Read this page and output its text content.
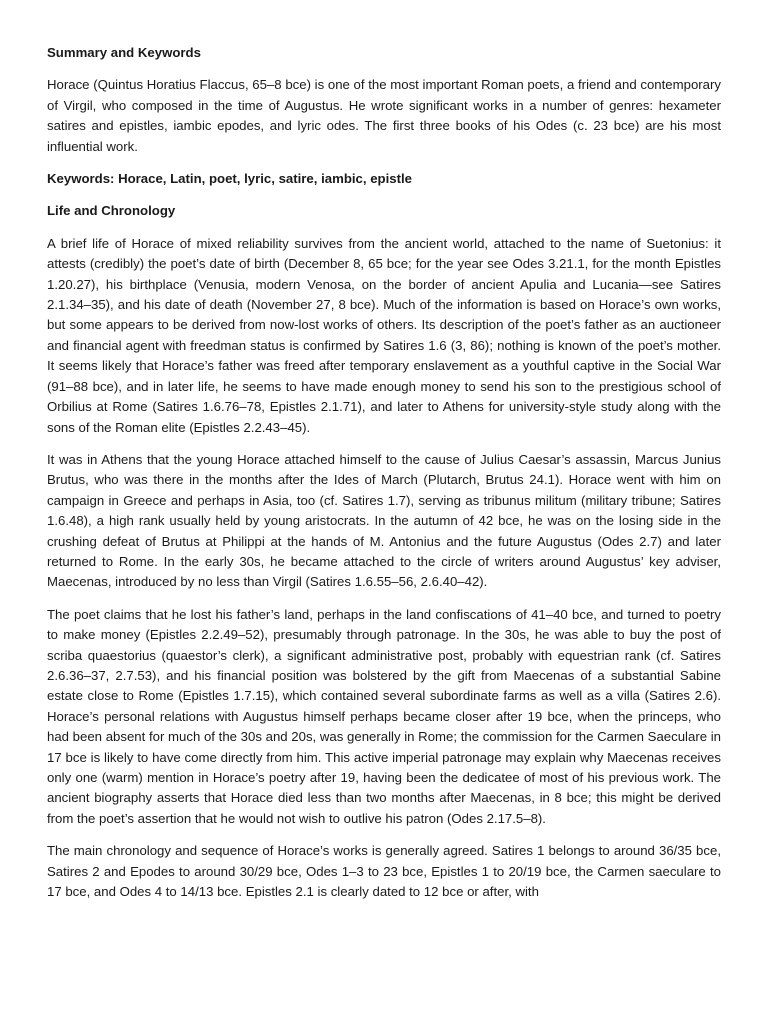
Summary and Keywords

Horace (Quintus Horatius Flaccus, 65–8 bce) is one of the most important Roman poets, a friend and contemporary of Virgil, who composed in the time of Augustus. He wrote significant works in a number of genres: hexameter satires and epistles, iambic epodes, and lyric odes. The first three books of his Odes (c. 23 bce) are his most influential work.

Keywords: Horace, Latin, poet, lyric, satire, iambic, epistle

Life and Chronology

A brief life of Horace of mixed reliability survives from the ancient world, attached to the name of Suetonius: it attests (credibly) the poet’s date of birth (December 8, 65 bce; for the year see Odes 3.21.1, for the month Epistles 1.20.27), his birthplace (Venusia, modern Venosa, on the border of ancient Apulia and Lucania—see Satires 2.1.34–35), and his date of death (November 27, 8 bce). Much of the information is based on Horace’s own works, but some appears to be derived from now-lost works of others. Its description of the poet’s father as an auctioneer and financial agent with freedman status is confirmed by Satires 1.6 (3, 86); nothing is known of the poet’s mother. It seems likely that Horace’s father was freed after temporary enslavement as a youthful captive in the Social War (91–88 bce), and in later life, he seems to have made enough money to send his son to the prestigious school of Orbilius at Rome (Satires 1.6.76–78, Epistles 2.1.71), and later to Athens for university-style study along with the sons of the Roman elite (Epistles 2.2.43–45).

It was in Athens that the young Horace attached himself to the cause of Julius Caesar’s assassin, Marcus Junius Brutus, who was there in the months after the Ides of March (Plutarch, Brutus 24.1). Horace went with him on campaign in Greece and perhaps in Asia, too (cf. Satires 1.7), serving as tribunus militum (military tribune; Satires 1.6.48), a high rank usually held by young aristocrats. In the autumn of 42 bce, he was on the losing side in the crushing defeat of Brutus at Philippi at the hands of M. Antonius and the future Augustus (Odes 2.7) and later returned to Rome. In the early 30s, he became attached to the circle of writers around Augustus’ key adviser, Maecenas, introduced by no less than Virgil (Satires 1.6.55–56, 2.6.40–42).

The poet claims that he lost his father’s land, perhaps in the land confiscations of 41–40 bce, and turned to poetry to make money (Epistles 2.2.49–52), presumably through patronage. In the 30s, he was able to buy the post of scriba quaestorius (quaestor’s clerk), a significant administrative post, probably with equestrian rank (cf. Satires 2.6.36–37, 2.7.53), and his financial position was bolstered by the gift from Maecenas of a substantial Sabine estate close to Rome (Epistles 1.7.15), which contained several subordinate farms as well as a villa (Satires 2.6). Horace’s personal relations with Augustus himself perhaps became closer after 19 bce, when the princeps, who had been absent for much of the 30s and 20s, was generally in Rome; the commission for the Carmen Saeculare in 17 bce is likely to have come directly from him. This active imperial patronage may explain why Maecenas receives only one (warm) mention in Horace’s poetry after 19, having been the dedicatee of most of his previous work. The ancient biography asserts that Horace died less than two months after Maecenas, in 8 bce; this might be derived from the poet’s assertion that he would not wish to outlive his patron (Odes 2.17.5–8).

The main chronology and sequence of Horace’s works is generally agreed. Satires 1 belongs to around 36/35 bce, Satires 2 and Epodes to around 30/29 bce, Odes 1–3 to 23 bce, Epistles 1 to 20/19 bce, the Carmen saeculare to 17 bce, and Odes 4 to 14/13 bce. Epistles 2.1 is clearly dated to 12 bce or after, with
